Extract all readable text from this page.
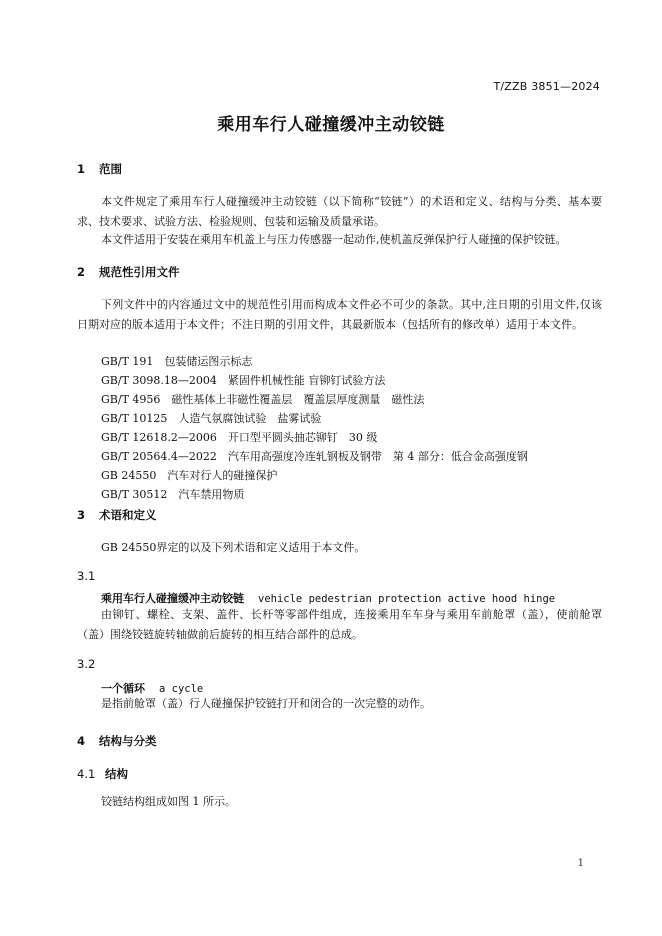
T/ZZB 3851—2024
乘用车行人碰撞缓冲主动铰链
1 范围
本文件规定了乘用车行人碰撞缓冲主动铰链（以下简称“铰链”）的术语和定义、结构与分类、基本要求、技术要求、试验方法、检验规则、包装和运输及质量承诺。
本文件适用于安装在乘用车机盖上与压力传感器一起动作,使机盖反弹保护行人碰撞的保护铰链。
2 规范性引用文件
下列文件中的内容通过文中的规范性引用而构成本文件必不可少的条款。其中,注日期的引用文件,仅该日期对应的版本适用于本文件；不注日期的引用文件，其最新版本（包括所有的修改单）适用于本文件。
GB/T 191　包装储运图示标志
GB/T 3098.18—2004　紧固件机械性能 盲铆钉试验方法
GB/T 4956　磁性基体上非磁性覆盖层　覆盖层厚度测量　磁性法
GB/T 10125　人造气氛腐蚀试验　盐雾试验
GB/T 12618.2—2006　开口型平圆头抽芯铆钉　30 级
GB/T 20564.4—2022　汽车用高强度冷连轧钢板及钢带　第 4 部分：低合金高强度钢
GB 24550　汽车对行人的碰撞保护
GB/T 30512　汽车禁用物质
3 术语和定义
GB 24550界定的以及下列术语和定义适用于本文件。
3.1
乘用车行人碰撞缓冲主动铰链 vehicle pedestrian protection active hood hinge
由铆钉、螺栓、支架、盖件、长杆等零部件组成，连接乘用车车身与乘用车前舱罩（盖），使前舱罩（盖）围绕铰链旋转轴做前后旋转的相互结合部件的总成。
3.2
一个循环 a cycle
是指前舱罩（盖）行人碰撞保护铰链打开和闭合的一次完整的动作。
4 结构与分类
4.1 结构
铰链结构组成如图 1 所示。
1
